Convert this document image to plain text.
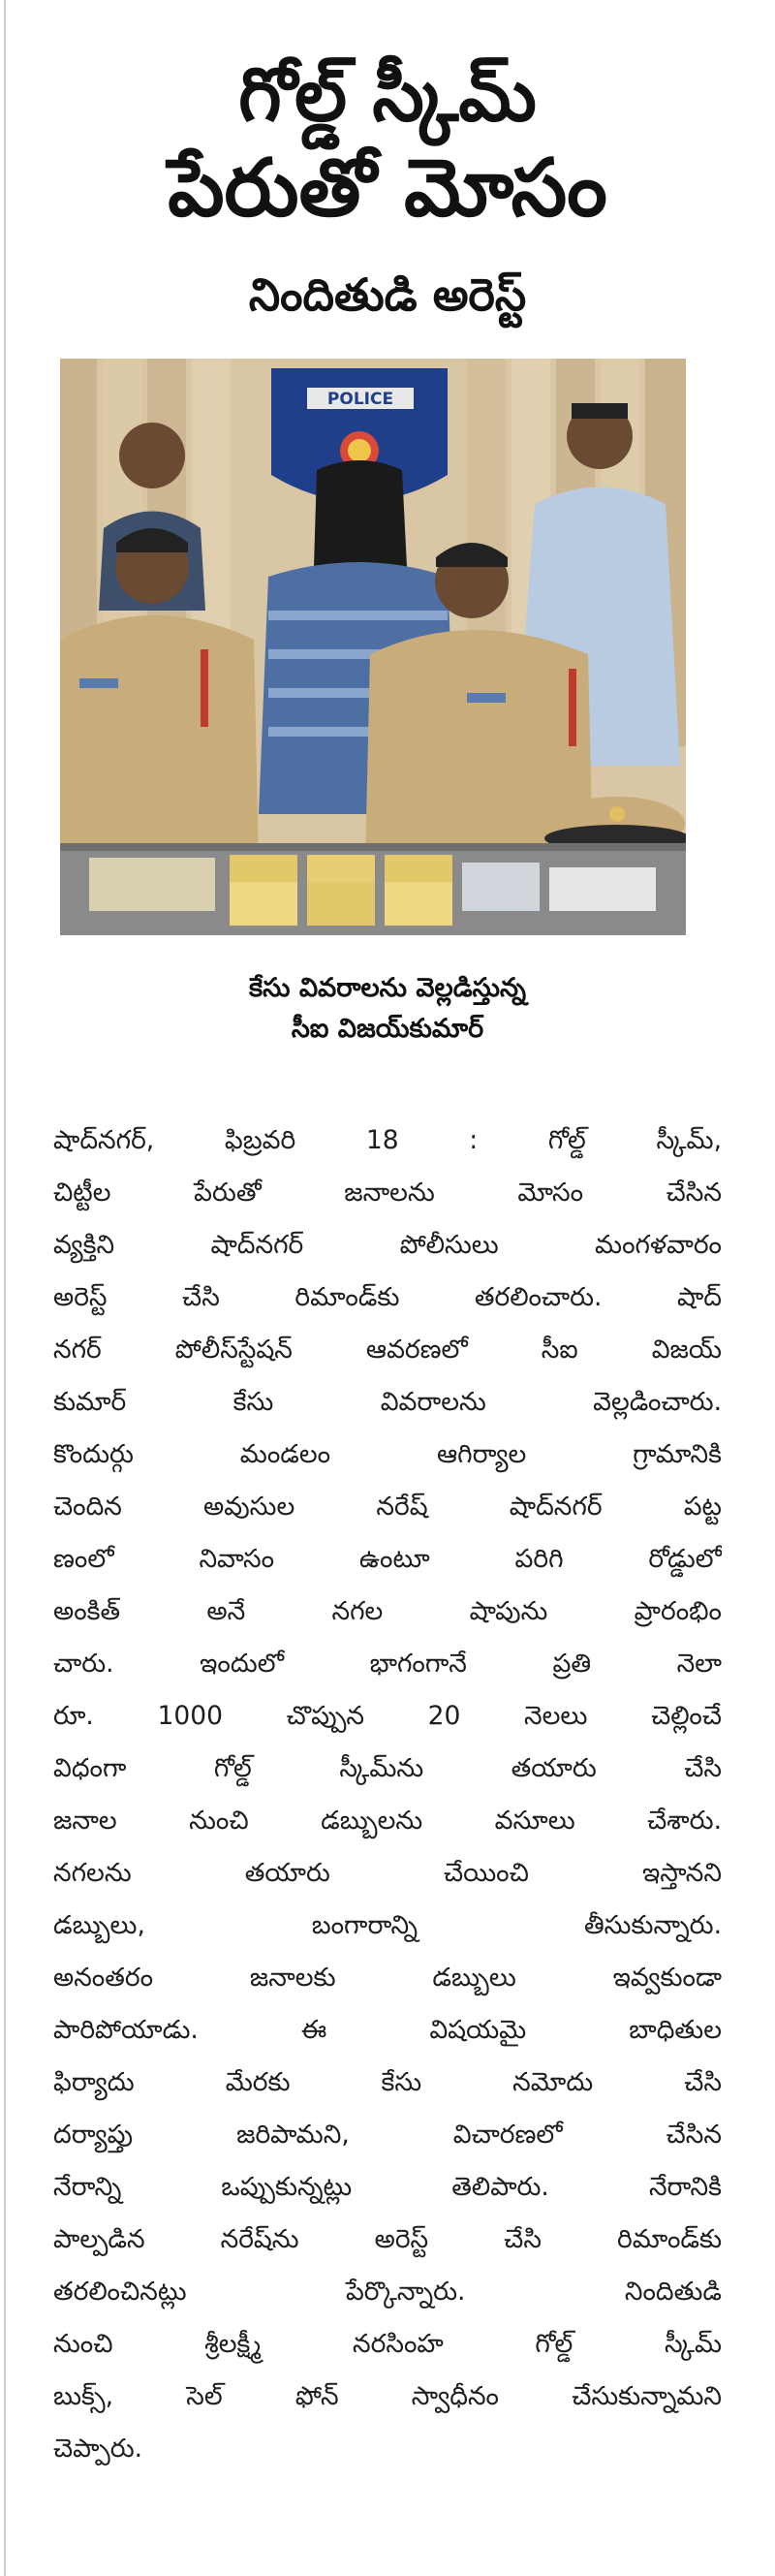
గోల్డ్ స్కీమ్
పేరుతో మోసం
నిందితుడి అరెస్ట్
POLICE
కేసు వివరాలను వెల్లడిస్తున్న
సీఐ విజయ్‌కుమార్
షాద్‌నగర్, ఫిబ్రవరి 18 : గోల్డ్ స్కీమ్,
చిట్టీల పేరుతో జనాలను మోసం చేసిన
వ్యక్తిని షాద్‌నగర్ పోలీసులు మంగళవారం
అరెస్ట్ చేసి రిమాండ్‌కు తరలించారు. షాద్
నగర్ పోలీస్‌స్టేషన్ ఆవరణలో సీఐ విజయ్
కుమార్ కేసు వివరాలను వెల్లడించారు.
కొందుర్గు మండలం ఆగిర్యాల గ్రామానికి
చెందిన అవుసుల నరేష్ షాద్‌నగర్ పట్ట
ణంలో నివాసం ఉంటూ పరిగి రోడ్డులో
అంకిత్ అనే నగల షాపును ప్రారంభిం
చారు. ఇందులో భాగంగానే ప్రతి నెలా
రూ. 1000 చొప్పున 20 నెలలు చెల్లించే
విధంగా గోల్డ్ స్కీమ్‌ను తయారు చేసి
జనాల నుంచి డబ్బులను వసూలు చేశారు.
నగలను తయారు చేయించి ఇస్తానని
డబ్బులు, బంగారాన్ని తీసుకున్నారు.
అనంతరం జనాలకు డబ్బులు ఇవ్వకుండా
పారిపోయాడు. ఈ విషయమై బాధితుల
ఫిర్యాదు మేరకు కేసు నమోదు చేసి
దర్యాప్తు జరిపామని, విచారణలో చేసిన
నేరాన్ని ఒప్పుకున్నట్లు తెలిపారు. నేరానికి
పాల్పడిన నరేష్‌ను అరెస్ట్ చేసి రిమాండ్‌కు
తరలించినట్లు పేర్కొన్నారు. నిందితుడి
నుంచి శ్రీలక్ష్మీ నరసింహ గోల్డ్ స్కీమ్
బుక్స్, సెల్ ఫోన్ స్వాధీనం చేసుకున్నామని
చెప్పారు.
